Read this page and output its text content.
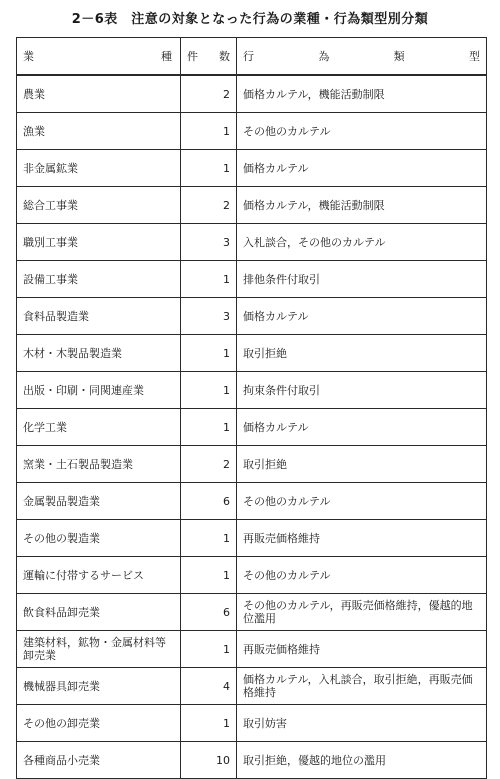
2－6表　注意の対象となった行為の業種・行為類型別分類
業　　種	件数	行　為　類　型
農業	2	価格カルテル，機能活動制限
漁業	1	その他のカルテル
非金属鉱業	1	価格カルテル
総合工事業	2	価格カルテル，機能活動制限
職別工事業	3	入札談合，その他のカルテル
設備工事業	1	排他条件付取引
食料品製造業	3	価格カルテル
木材・木製品製造業	1	取引拒絶
出版・印刷・同関連産業	1	拘束条件付取引
化学工業	1	価格カルテル
窯業・土石製品製造業	2	取引拒絶
金属製品製造業	6	その他のカルテル
その他の製造業	1	再販売価格維持
運輸に付帯するサービス	1	その他のカルテル
飲食料品卸売業	6	その他のカルテル，再販売価格維持，優越的地位濫用
建築材料，鉱物・金属材料等卸売業	1	再販売価格維持
機械器具卸売業	4	価格カルテル，入札談合，取引拒絶，再販売価格維持
その他の卸売業	1	取引妨害
各種商品小売業	10	取引拒絶，優越的地位の濫用
